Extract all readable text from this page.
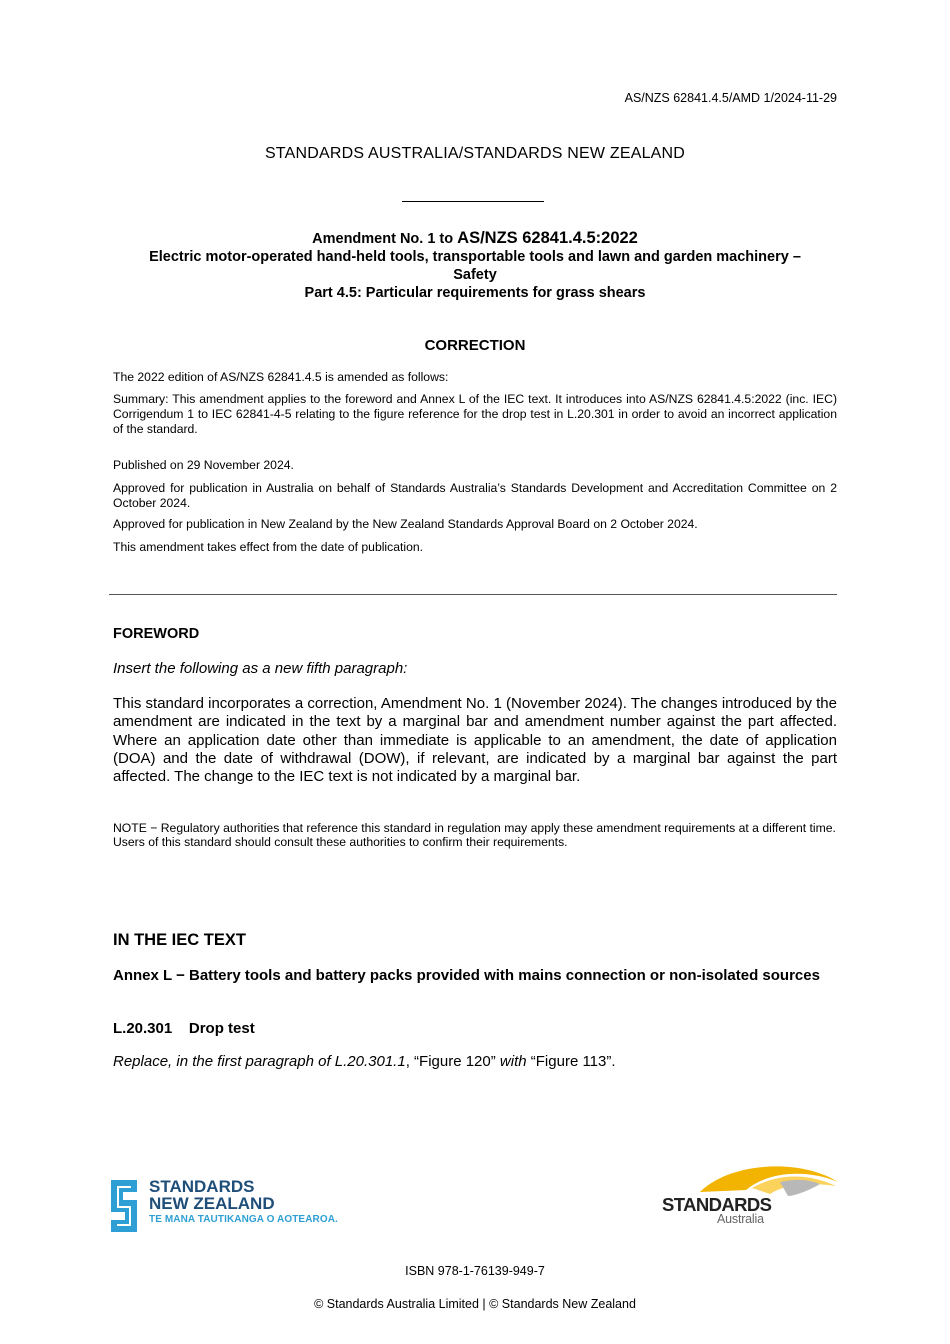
AS/NZS 62841.4.5/AMD 1/2024-11-29
STANDARDS AUSTRALIA/STANDARDS NEW ZEALAND
Amendment No. 1 to AS/NZS 62841.4.5:2022
Electric motor-operated hand-held tools, transportable tools and lawn and garden machinery –
Safety
Part 4.5: Particular requirements for grass shears
CORRECTION
The 2022 edition of AS/NZS 62841.4.5 is amended as follows:
Summary: This amendment applies to the foreword and Annex L of the IEC text. It introduces into AS/NZS 62841.4.5:2022 (inc. IEC) Corrigendum 1 to IEC 62841-4-5 relating to the figure reference for the drop test in L.20.301 in order to avoid an incorrect application of the standard.
Published on 29 November 2024.
Approved for publication in Australia on behalf of Standards Australia’s Standards Development and Accreditation Committee on 2 October 2024.
Approved for publication in New Zealand by the New Zealand Standards Approval Board on 2 October 2024.
This amendment takes effect from the date of publication.
FOREWORD
Insert the following as a new fifth paragraph:
This standard incorporates a correction, Amendment No. 1 (November 2024). The changes introduced by the amendment are indicated in the text by a marginal bar and amendment number against the part affected. Where an application date other than immediate is applicable to an amendment, the date of application (DOA) and the date of withdrawal (DOW), if relevant, are indicated by a marginal bar against the part affected. The change to the IEC text is not indicated by a marginal bar.
NOTE − Regulatory authorities that reference this standard in regulation may apply these amendment requirements at a different time. Users of this standard should consult these authorities to confirm their requirements.
IN THE IEC TEXT
Annex L − Battery tools and battery packs provided with mains connection or non-isolated sources
L.20.301    Drop test
Replace, in the first paragraph of L.20.301.1, “Figure 120” with “Figure 113”.
STANDARDS
NEW ZEALAND
TE MANA TAUTIKANGA O AOTEAROA.
STANDARDS
Australia
ISBN 978-1-76139-949-7
© Standards Australia Limited | © Standards New Zealand
